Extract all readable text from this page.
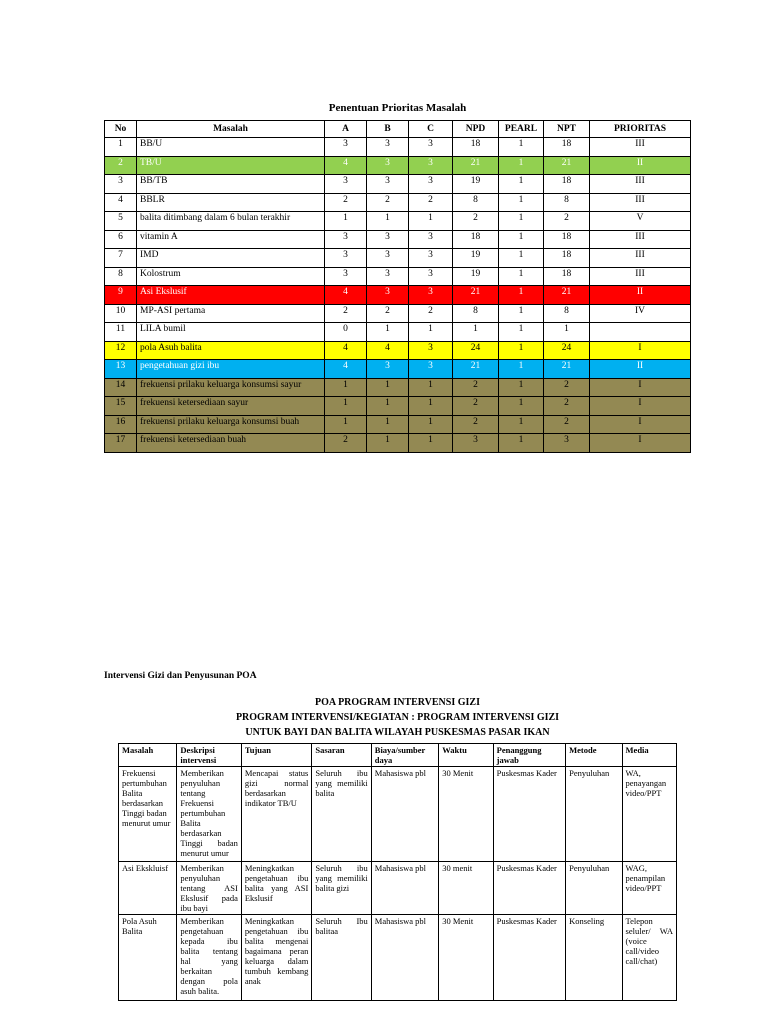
Penentuan Prioritas Masalah
No	Masalah	A	B	C	NPD	PEARL	NPT	PRIORITAS
1	BB/U	3	3	3	18	1	18	III
2	TB/U	4	3	3	21	1	21	II
3	BB/TB	3	3	3	19	1	18	III
4	BBLR	2	2	2	8	1	8	III
5	balita ditimbang dalam 6 bulan terakhir	1	1	1	2	1	2	V
6	vitamin A	3	3	3	18	1	18	III
7	IMD	3	3	3	19	1	18	III
8	Kolostrum	3	3	3	19	1	18	III
9	Asi Ekslusif	4	3	3	21	1	21	II
10	MP-ASI pertama	2	2	2	8	1	8	IV
11	LILA bumil	0	1	1	1	1	1	
12	pola Asuh balita	4	4	3	24	1	24	I
13	pengetahuan gizi ibu	4	3	3	21	1	21	II
14	frekuensi prilaku keluarga konsumsi sayur	1	1	1	2	1	2	I
15	frekuensi ketersediaan sayur	1	1	1	2	1	2	I
16	frekuensi prilaku keluarga konsumsi buah	1	1	1	2	1	2	I
17	frekuensi ketersediaan buah	2	1	1	3	1	3	I
Intervensi Gizi dan Penyusunan POA
POA PROGRAM INTERVENSI GIZI
PROGRAM INTERVENSI/KEGIATAN : PROGRAM INTERVENSI GIZI
UNTUK BAYI DAN BALITA WILAYAH PUSKESMAS PASAR IKAN
Masalah	Deskripsi intervensi	Tujuan	Sasaran	Biaya/sumber daya	Waktu	Penanggung jawab	Metode	Media
Frekuensi pertumbuhan Balita berdasarkan Tinggi badan menurut umur	Memberikan penyuluhan tentang Frekuensi pertumbuhan Balita berdasarkan Tinggi badan menurut umur	Mencapai status gizi normal berdasarkan indikator TB/U	Seluruh ibu yang memiliki balita	Mahasiswa pbl	30 Menit	Puskesmas Kader	Penyuluhan	WA, penayangan video/PPT
Asi Ekskluisf	Memberikan penyuluhan tentang ASI Ekslusif pada ibu bayi	Meningkatkan pengetahuan ibu balita yang ASI Ekslusif	Seluruh ibu yang memiliki balita gizi	Mahasiswa pbl	30 menit	Puskesmas Kader	Penyuluhan	WAG, penampilan video/PPT
Pola Asuh Balita	Memberikan pengetahuan kepada ibu balita tentang hal yang berkaitan dengan pola asuh balita.	Meningkatkan pengetahuan ibu balita mengenai bagaimana peran keluarga dalam tumbuh kembang anak	Seluruh Ibu balitaa	Mahasiswa pbl	30 Menit	Puskesmas Kader	Konseling	Telepon seluler/ WA (voice call/video call/chat)
